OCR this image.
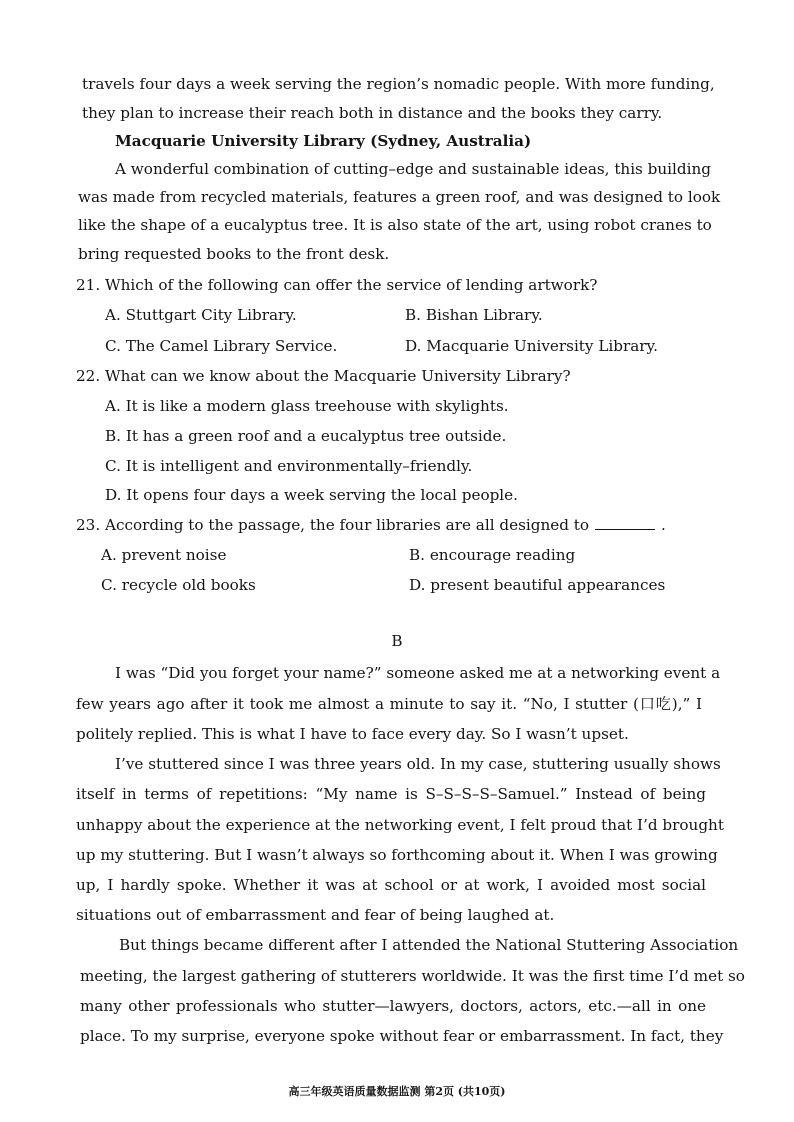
travels four days a week serving the region’s nomadic people. With more funding,
they plan to increase their reach both in distance and the books they carry.
Macquarie University Library (Sydney, Australia)
A wonderful combination of cutting–edge and sustainable ideas, this building
was made from recycled materials, features a green roof, and was designed to look
like the shape of a eucalyptus tree. It is also state of the art, using robot cranes to
bring requested books to the front desk.
21. Which of the following can offer the service of lending artwork?
A. Stuttgart City Library.	B. Bishan Library.
C. The Camel Library Service.	D. Macquarie University Library.
22. What can we know about the Macquarie University Library?
A. It is like a modern glass treehouse with skylights.
B. It has a green roof and a eucalyptus tree outside.
C. It is intelligent and environmentally–friendly.
D. It opens four days a week serving the local people.
23. According to the passage, the four libraries are all designed to	.
A. prevent noise	B. encourage reading
C. recycle old books	D. present beautiful appearances
B
I was “Did you forget your name?” someone asked me at a networking event a
few years ago after it took me almost a minute to say it. “No, I stutter (口吃),” I
politely replied. This is what I have to face every day. So I wasn’t upset.
I’ve stuttered since I was three years old. In my case, stuttering usually shows
itself in terms of repetitions: “My name is S–S–S–S–Samuel.” Instead of being
unhappy about the experience at the networking event, I felt proud that I’d brought
up my stuttering. But I wasn’t always so forthcoming about it. When I was growing
up, I hardly spoke. Whether it was at school or at work, I avoided most social
situations out of embarrassment and fear of being laughed at.
But things became different after I attended the National Stuttering Association
meeting, the largest gathering of stutterers worldwide. It was the first time I’d met so
many other professionals who stutter—lawyers, doctors, actors, etc.—all in one
place. To my surprise, everyone spoke without fear or embarrassment. In fact, they
高三年级英语质量数据监测 第2页 (共10页)
